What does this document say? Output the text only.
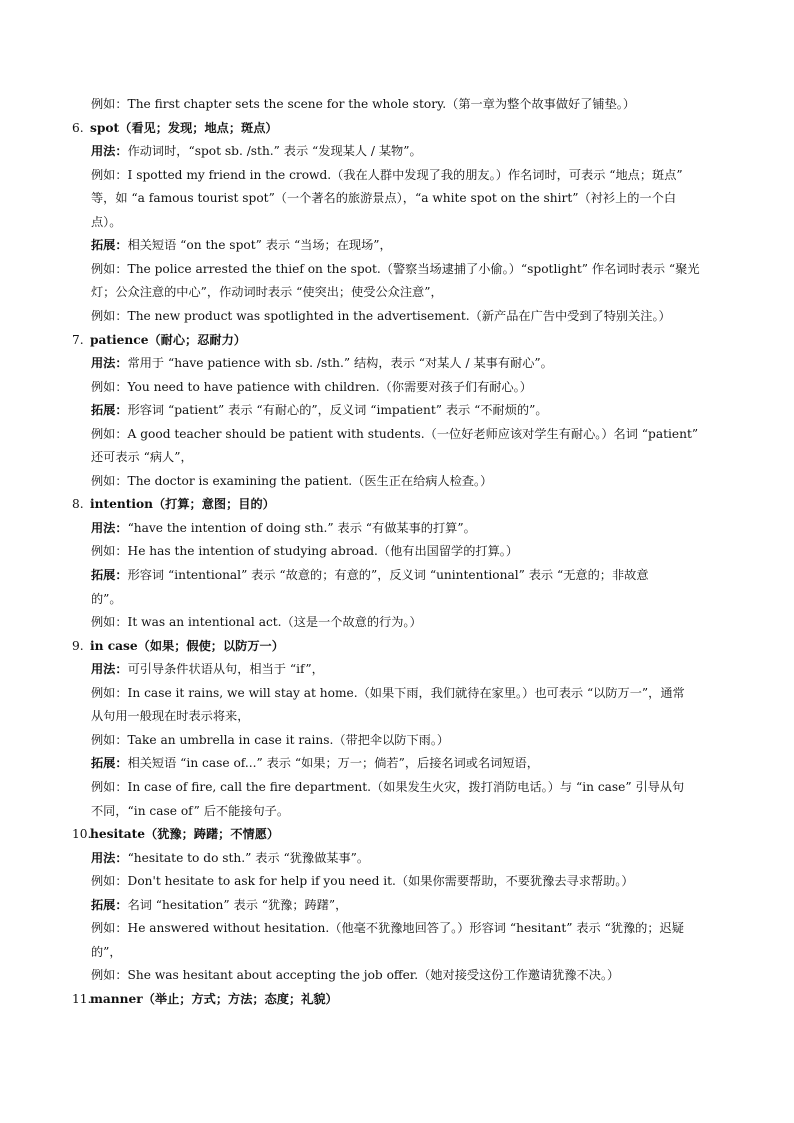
例如：The first chapter sets the scene for the whole story.（第一章为整个故事做好了铺垫。）
6. spot（看见；发现；地点；斑点）
用法：作动词时，“spot sb. /sth.” 表示 “发现某人 / 某物”。
例如：I spotted my friend in the crowd.（我在人群中发现了我的朋友。）作名词时，可表示 “地点；斑点”
等，如 “a famous tourist spot”（一个著名的旅游景点），“a white spot on the shirt”（衬衫上的一个白
点）。
拓展：相关短语 “on the spot” 表示 “当场；在现场”，
例如：The police arrested the thief on the spot.（警察当场逮捕了小偷。）“spotlight” 作名词时表示 “聚光
灯；公众注意的中心”，作动词时表示 “使突出；使受公众注意”，
例如：The new product was spotlighted in the advertisement.（新产品在广告中受到了特别关注。）
7. patience（耐心；忍耐力）
用法：常用于 “have patience with sb. /sth.” 结构，表示 “对某人 / 某事有耐心”。
例如：You need to have patience with children.（你需要对孩子们有耐心。）
拓展：形容词 “patient” 表示 “有耐心的”，反义词 “impatient” 表示 “不耐烦的”。
例如：A good teacher should be patient with students.（一位好老师应该对学生有耐心。）名词 “patient”
还可表示 “病人”，
例如：The doctor is examining the patient.（医生正在给病人检查。）
8. intention（打算；意图；目的）
用法：“have the intention of doing sth.” 表示 “有做某事的打算”。
例如：He has the intention of studying abroad.（他有出国留学的打算。）
拓展：形容词 “intentional” 表示 “故意的；有意的”，反义词 “unintentional” 表示 “无意的；非故意
的”。
例如：It was an intentional act.（这是一个故意的行为。）
9. in case（如果；假使；以防万一）
用法：可引导条件状语从句，相当于 “if”，
例如：In case it rains, we will stay at home.（如果下雨，我们就待在家里。）也可表示 “以防万一”，通常
从句用一般现在时表示将来，
例如：Take an umbrella in case it rains.（带把伞以防下雨。）
拓展：相关短语 “in case of...” 表示 “如果；万一；倘若”，后接名词或名词短语，
例如：In case of fire, call the fire department.（如果发生火灾，拨打消防电话。）与 “in case” 引导从句
不同，“in case of” 后不能接句子。
10.hesitate（犹豫；踌躇；不情愿）
用法：“hesitate to do sth.” 表示 “犹豫做某事”。
例如：Don't hesitate to ask for help if you need it.（如果你需要帮助，不要犹豫去寻求帮助。）
拓展：名词 “hesitation” 表示 “犹豫；踌躇”，
例如：He answered without hesitation.（他毫不犹豫地回答了。）形容词 “hesitant” 表示 “犹豫的；迟疑
的”，
例如：She was hesitant about accepting the job offer.（她对接受这份工作邀请犹豫不决。）
11.manner（举止；方式；方法；态度；礼貌）
